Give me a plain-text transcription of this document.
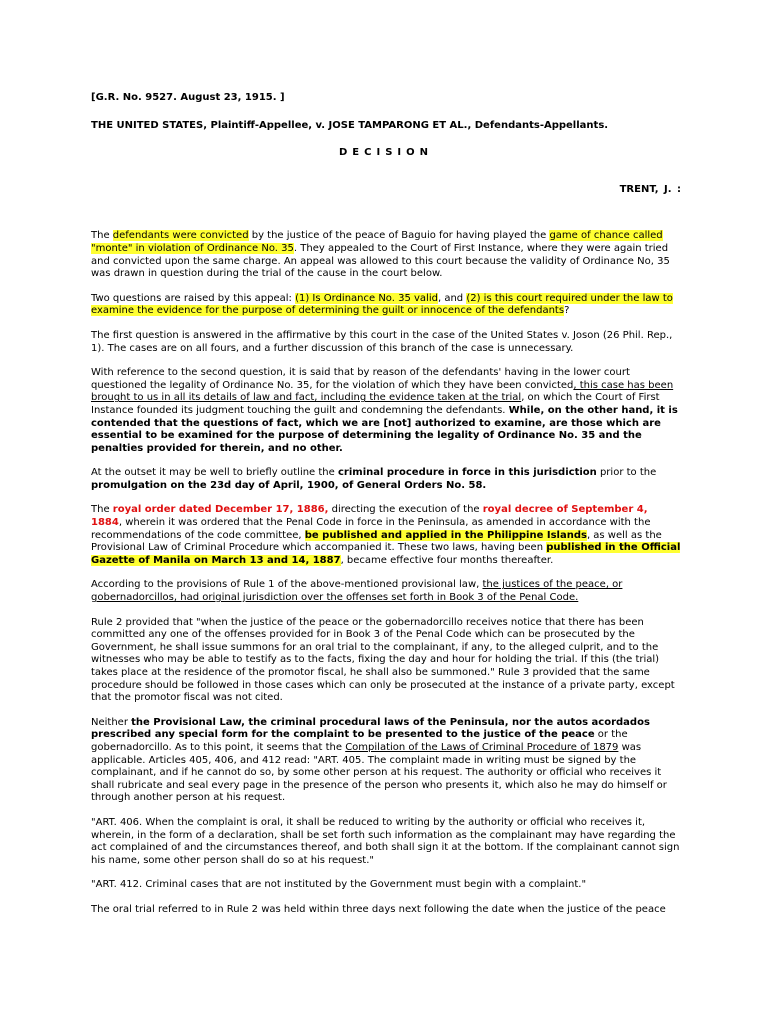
[G.R. No. 9527. August 23, 1915. ]
THE UNITED STATES, Plaintiff-Appellee, v. JOSE TAMPARONG ET AL., Defendants-Appellants.
DECISION
TRENT, J. :

The defendants were convicted by the justice of the peace of Baguio for having played the game of chance called "monte" in violation of Ordinance No. 35. They appealed to the Court of First Instance, where they were again tried and convicted upon the same charge. An appeal was allowed to this court because the validity of Ordinance No, 35 was drawn in question during the trial of the cause in the court below.

Two questions are raised by this appeal: (1) Is Ordinance No. 35 valid, and (2) is this court required under the law to examine the evidence for the purpose of determining the guilt or innocence of the defendants?

The first question is answered in the affirmative by this court in the case of the United States v. Joson (26 Phil. Rep., 1). The cases are on all fours, and a further discussion of this branch of the case is unnecessary.

With reference to the second question, it is said that by reason of the defendants' having in the lower court questioned the legality of Ordinance No. 35, for the violation of which they have been convicted, this case has been brought to us in all its details of law and fact, including the evidence taken at the trial, on which the Court of First Instance founded its judgment touching the guilt and condemning the defendants. While, on the other hand, it is contended that the questions of fact, which we are [not] authorized to examine, are those which are essential to be examined for the purpose of determining the legality of Ordinance No. 35 and the penalties provided for therein, and no other.

At the outset it may be well to briefly outline the criminal procedure in force in this jurisdiction prior to the promulgation on the 23d day of April, 1900, of General Orders No. 58.

The royal order dated December 17, 1886, directing the execution of the royal decree of September 4, 1884, wherein it was ordered that the Penal Code in force in the Peninsula, as amended in accordance with the recommendations of the code committee, be published and applied in the Philippine Islands, as well as the Provisional Law of Criminal Procedure which accompanied it. These two laws, having been published in the Official Gazette of Manila on March 13 and 14, 1887, became effective four months thereafter.

According to the provisions of Rule 1 of the above-mentioned provisional law, the justices of the peace, or gobernadorcillos, had original jurisdiction over the offenses set forth in Book 3 of the Penal Code.

Rule 2 provided that "when the justice of the peace or the gobernadorcillo receives notice that there has been committed any one of the offenses provided for in Book 3 of the Penal Code which can be prosecuted by the Government, he shall issue summons for an oral trial to the complainant, if any, to the alleged culprit, and to the witnesses who may be able to testify as to the facts, fixing the day and hour for holding the trial. If this (the trial) takes place at the residence of the promotor fiscal, he shall also be summoned." Rule 3 provided that the same procedure should be followed in those cases which can only be prosecuted at the instance of a private party, except that the promotor fiscal was not cited.

Neither the Provisional Law, the criminal procedural laws of the Peninsula, nor the autos acordados prescribed any special form for the complaint to be presented to the justice of the peace or the gobernadorcillo. As to this point, it seems that the Compilation of the Laws of Criminal Procedure of 1879 was applicable. Articles 405, 406, and 412 read: "ART. 405. The complaint made in writing must be signed by the complainant, and if he cannot do so, by some other person at his request. The authority or official who receives it shall rubricate and seal every page in the presence of the person who presents it, which also he may do himself or through another person at his request.

"ART. 406. When the complaint is oral, it shall be reduced to writing by the authority or official who receives it, wherein, in the form of a declaration, shall be set forth such information as the complainant may have regarding the act complained of and the circumstances thereof, and both shall sign it at the bottom. If the complainant cannot sign his name, some other person shall do so at his request."

"ART. 412. Criminal cases that are not instituted by the Government must begin with a complaint."

The oral trial referred to in Rule 2 was held within three days next following the date when the justice of the peace
